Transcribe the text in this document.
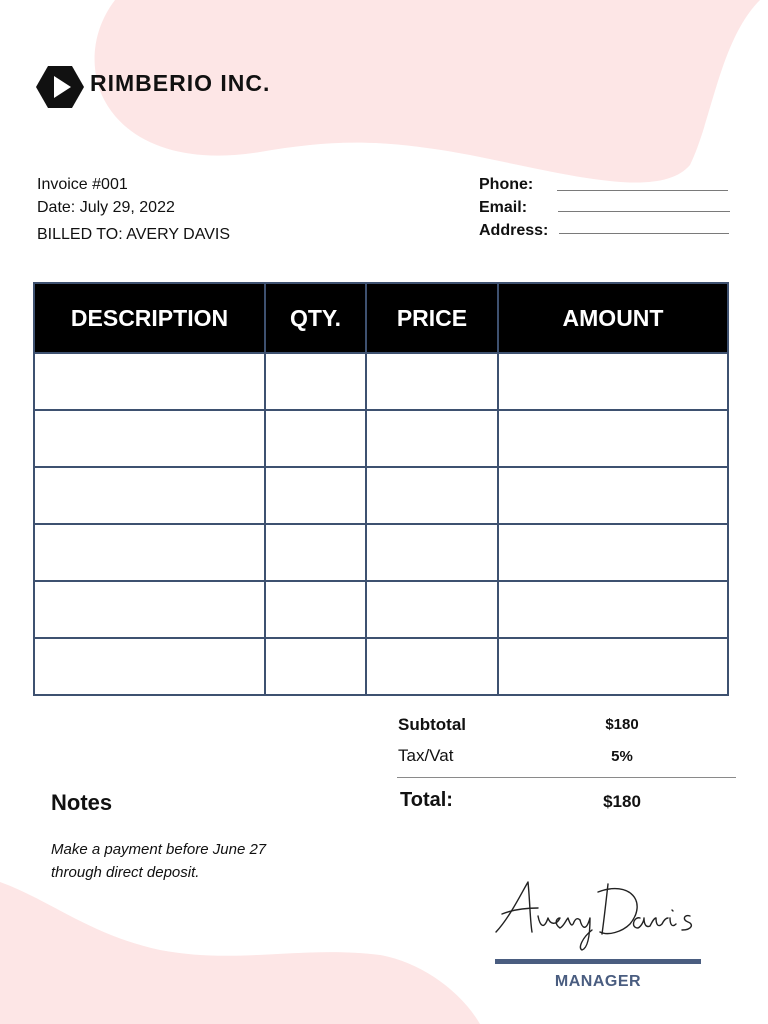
RIMBERIO INC.
Invoice #001
Date: July 29, 2022
BILLED TO: AVERY DAVIS
Phone:
Email:
Address:
DESCRIPTION	QTY.	PRICE	AMOUNT

Subtotal	$180
Tax/Vat	5%
Total:	$180
Notes
Make a payment before June 27
through direct deposit.
MANAGER
